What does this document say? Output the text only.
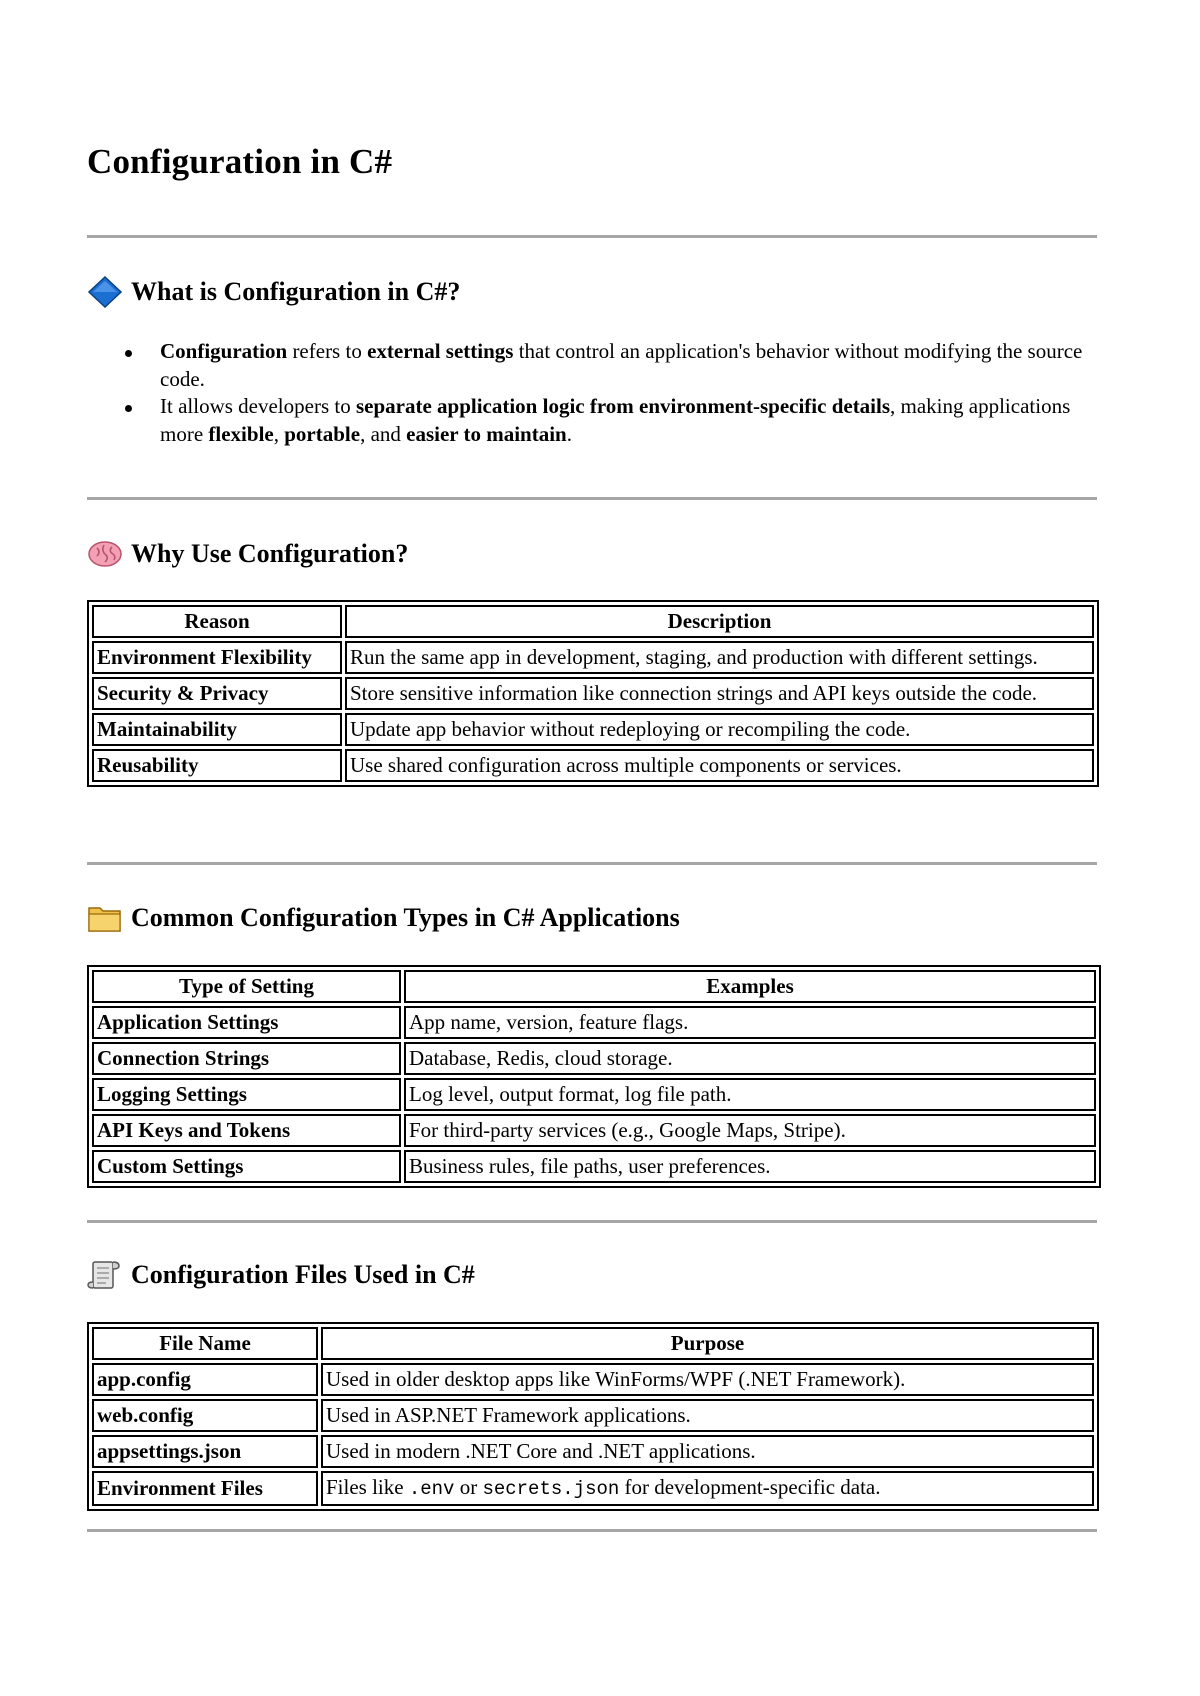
Configuration in C#
What is Configuration in C#?
Configuration refers to external settings that control an application's behavior without modifying the source code.
It allows developers to separate application logic from environment-specific details, making applications more flexible, portable, and easier to maintain.
Why Use Configuration?
Reason	Description
Environment Flexibility	Run the same app in development, staging, and production with different settings.
Security & Privacy	Store sensitive information like connection strings and API keys outside the code.
Maintainability	Update app behavior without redeploying or recompiling the code.
Reusability	Use shared configuration across multiple components or services.
Common Configuration Types in C# Applications
Type of Setting	Examples
Application Settings	App name, version, feature flags.
Connection Strings	Database, Redis, cloud storage.
Logging Settings	Log level, output format, log file path.
API Keys and Tokens	For third-party services (e.g., Google Maps, Stripe).
Custom Settings	Business rules, file paths, user preferences.
Configuration Files Used in C#
File Name	Purpose
app.config	Used in older desktop apps like WinForms/WPF (.NET Framework).
web.config	Used in ASP.NET Framework applications.
appsettings.json	Used in modern .NET Core and .NET applications.
Environment Files	Files like .env or secrets.json for development-specific data.
